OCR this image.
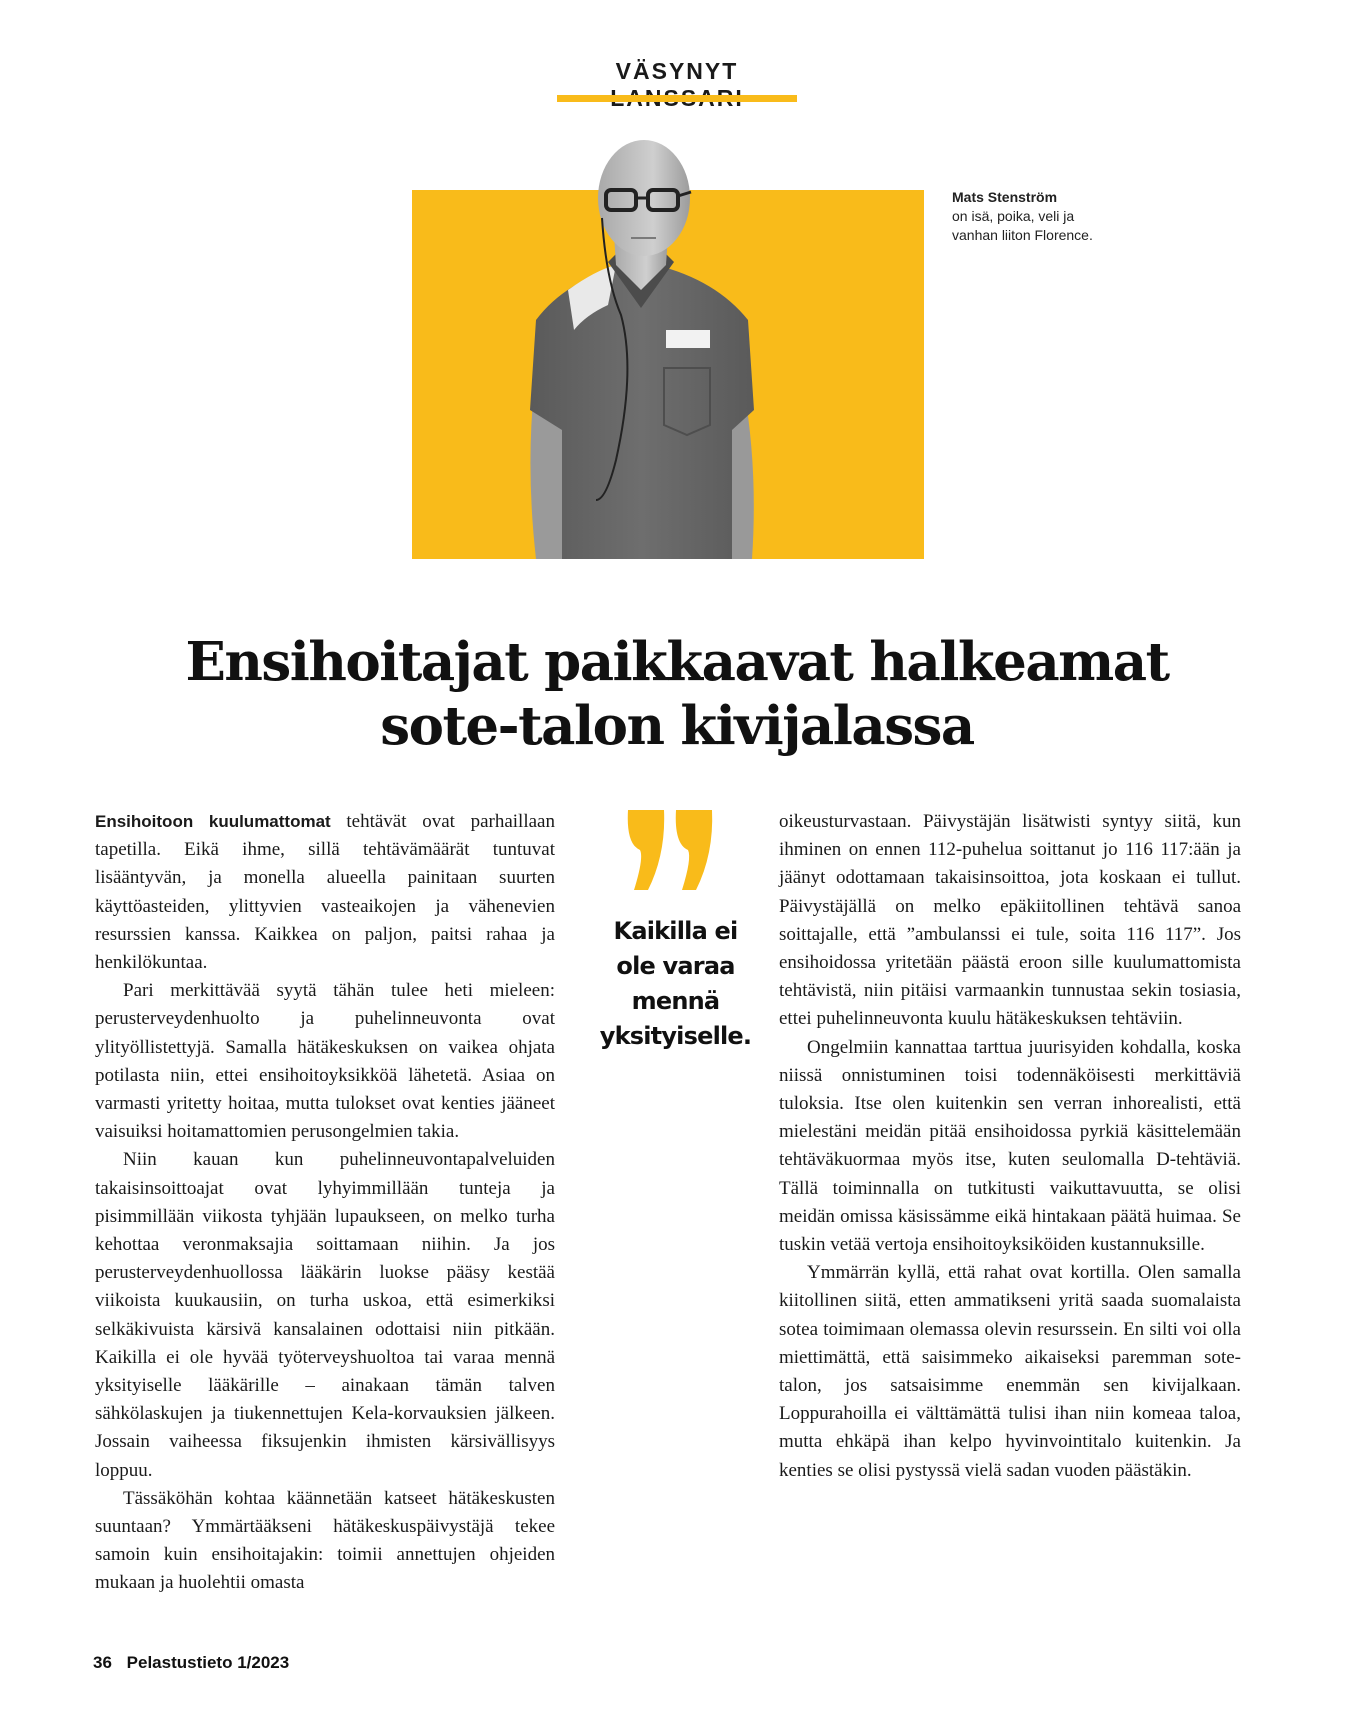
VÄSYNYT
Mats Stenström
on isä, poika, veli ja
vanhan liiton Florence.
Ensihoitajat paikkaavat halkeamat
sote-talon kivijalassa

Ensihoitoon kuulumattomat tehtävät ovat parhaillaan tapetilla. Eikä ihme, sillä tehtävämäärät tuntuvat lisääntyvän, ja monella alueella painitaan suurten käyttöasteiden, ylittyvien vasteaikojen ja vähenevien resurssien kanssa. Kaikkea on paljon, paitsi rahaa ja henkilökuntaa.

Pari merkittävää syytä tähän tulee heti mieleen: perusterveydenhuolto ja puhelinneuvonta ovat ylityöllistettyjä. Samalla hätäkeskuksen on vaikea ohjata potilasta niin, ettei ensihoitoyksikköä lähetetä. Asiaa on varmasti yritetty hoitaa, mutta tulokset ovat kenties jääneet vaisuiksi hoitamattomien perusongelmien takia.

Niin kauan kun puhelinneuvontapalveluiden takaisinsoittoajat ovat lyhyimmillään tunteja ja pisimmillään viikosta tyhjään lupaukseen, on melko turha kehottaa veronmaksajia soittamaan niihin. Ja jos perusterveydenhuollossa lääkärin luokse pääsy kestää viikoista kuukausiin, on turha uskoa, että esimerkiksi selkäkivuista kärsivä kansalainen odottaisi niin pitkään. Kaikilla ei ole hyvää työterveyshuoltoa tai varaa mennä yksityiselle lääkärille – ainakaan tämän talven sähkölaskujen ja tiukennettujen Kela-korvauksien jälkeen. Jossain vaiheessa fiksujenkin ihmisten kärsivällisyys loppuu.

Tässäköhän kohtaa käännetään katseet hätäkeskusten suuntaan? Ymmärtääkseni hätäkeskuspäivystäjä tekee samoin kuin ensihoitajakin: toimii annettujen ohjeiden mukaan ja huolehtii omasta

Kaikilla ei
ole varaa
mennä
yksityiselle.

oikeusturvastaan. Päivystäjän lisätwisti syntyy siitä, kun ihminen on ennen 112-puhelua soittanut jo 116 117:ään ja jäänyt odottamaan takaisinsoittoa, jota koskaan ei tullut. Päivystäjällä on melko epäkiitollinen tehtävä sanoa soittajalle, että ”ambulanssi ei tule, soita 116 117”. Jos ensihoidossa yritetään päästä eroon sille kuulumattomista tehtävistä, niin pitäisi varmaankin tunnustaa sekin tosiasia, ettei puhelinneuvonta kuulu hätäkeskuksen tehtäviin.

Ongelmiin kannattaa tarttua juurisyiden kohdalla, koska niissä onnistuminen toisi todennäköisesti merkittäviä tuloksia. Itse olen kuitenkin sen verran inhorealisti, että mielestäni meidän pitää ensihoidossa pyrkiä käsittelemään tehtäväkuormaa myös itse, kuten seulomalla D-tehtäviä. Tällä toiminnalla on tutkitusti vaikuttavuutta, se olisi meidän omissa käsissämme eikä hintakaan päätä huimaa. Se tuskin vetää vertoja ensihoitoyksiköiden kustannuksille.

Ymmärrän kyllä, että rahat ovat kortilla. Olen samalla kiitollinen siitä, etten ammatikseni yritä saada suomalaista sotea toimimaan olemassa olevin resurssein. En silti voi olla miettimättä, että saisimmeko aikaiseksi paremman sote-talon, jos satsaisimme enemmän sen kivijalkaan. Loppurahoilla ei välttämättä tulisi ihan niin komeaa taloa, mutta ehkäpä ihan kelpo hyvinvointitalo kuitenkin. Ja kenties se olisi pystyssä vielä sadan vuoden päästäkin.

36 Pelastustieto 1/2023
